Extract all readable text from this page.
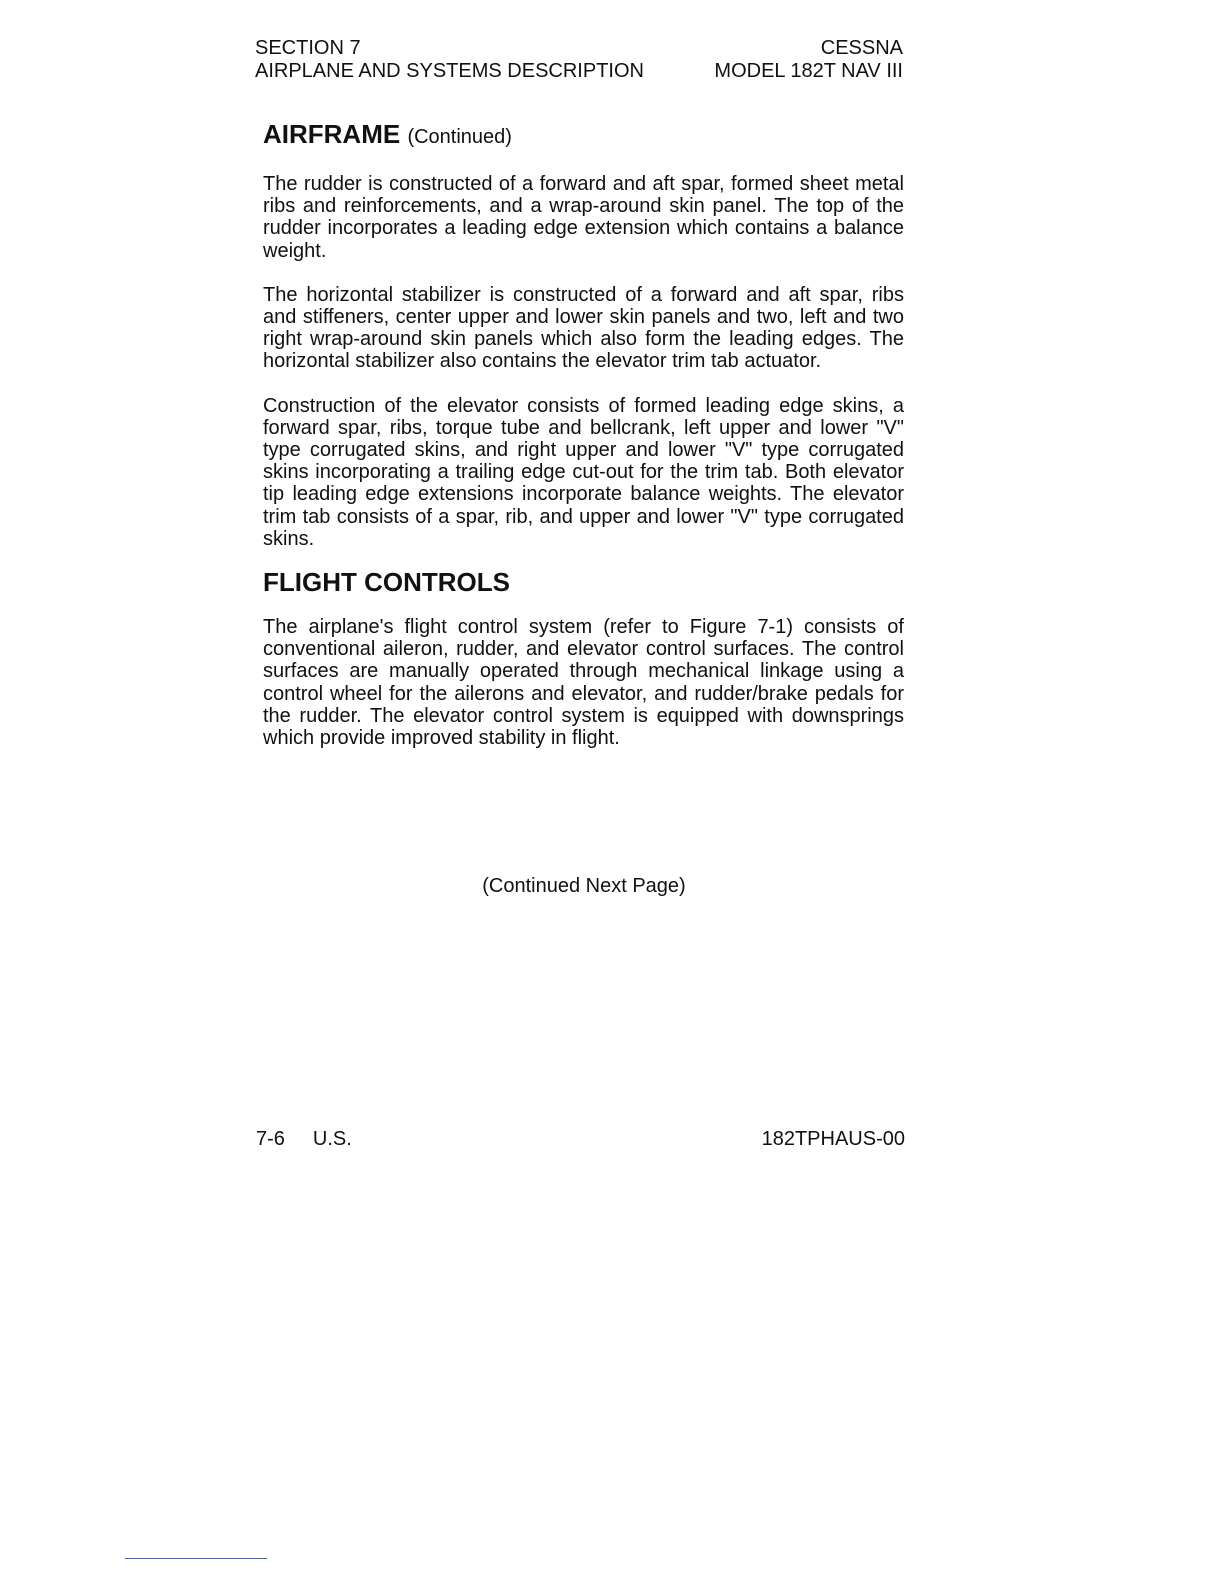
SECTION 7
AIRPLANE AND SYSTEMS DESCRIPTION
CESSNA
MODEL 182T NAV III
AIRFRAME (Continued)

The rudder is constructed of a forward and aft spar, formed sheet metal ribs and reinforcements, and a wrap-around skin panel. The top of the rudder incorporates a leading edge extension which contains a balance weight.

The horizontal stabilizer is constructed of a forward and aft spar, ribs and stiffeners, center upper and lower skin panels and two, left and two right wrap-around skin panels which also form the leading edges. The horizontal stabilizer also contains the elevator trim tab actuator.

Construction of the elevator consists of formed leading edge skins, a forward spar, ribs, torque tube and bellcrank, left upper and lower "V" type corrugated skins, and right upper and lower "V" type corrugated skins incorporating a trailing edge cut-out for the trim tab. Both elevator tip leading edge extensions incorporate balance weights. The elevator trim tab consists of a spar, rib, and upper and lower "V" type corrugated skins.

FLIGHT CONTROLS

The airplane's flight control system (refer to Figure 7-1) consists of conventional aileron, rudder, and elevator control surfaces. The control surfaces are manually operated through mechanical linkage using a control wheel for the ailerons and elevator, and rudder/brake pedals for the rudder. The elevator control system is equipped with downsprings which provide improved stability in flight.

(Continued Next Page)
7-6 U.S.	182TPHAUS-00
